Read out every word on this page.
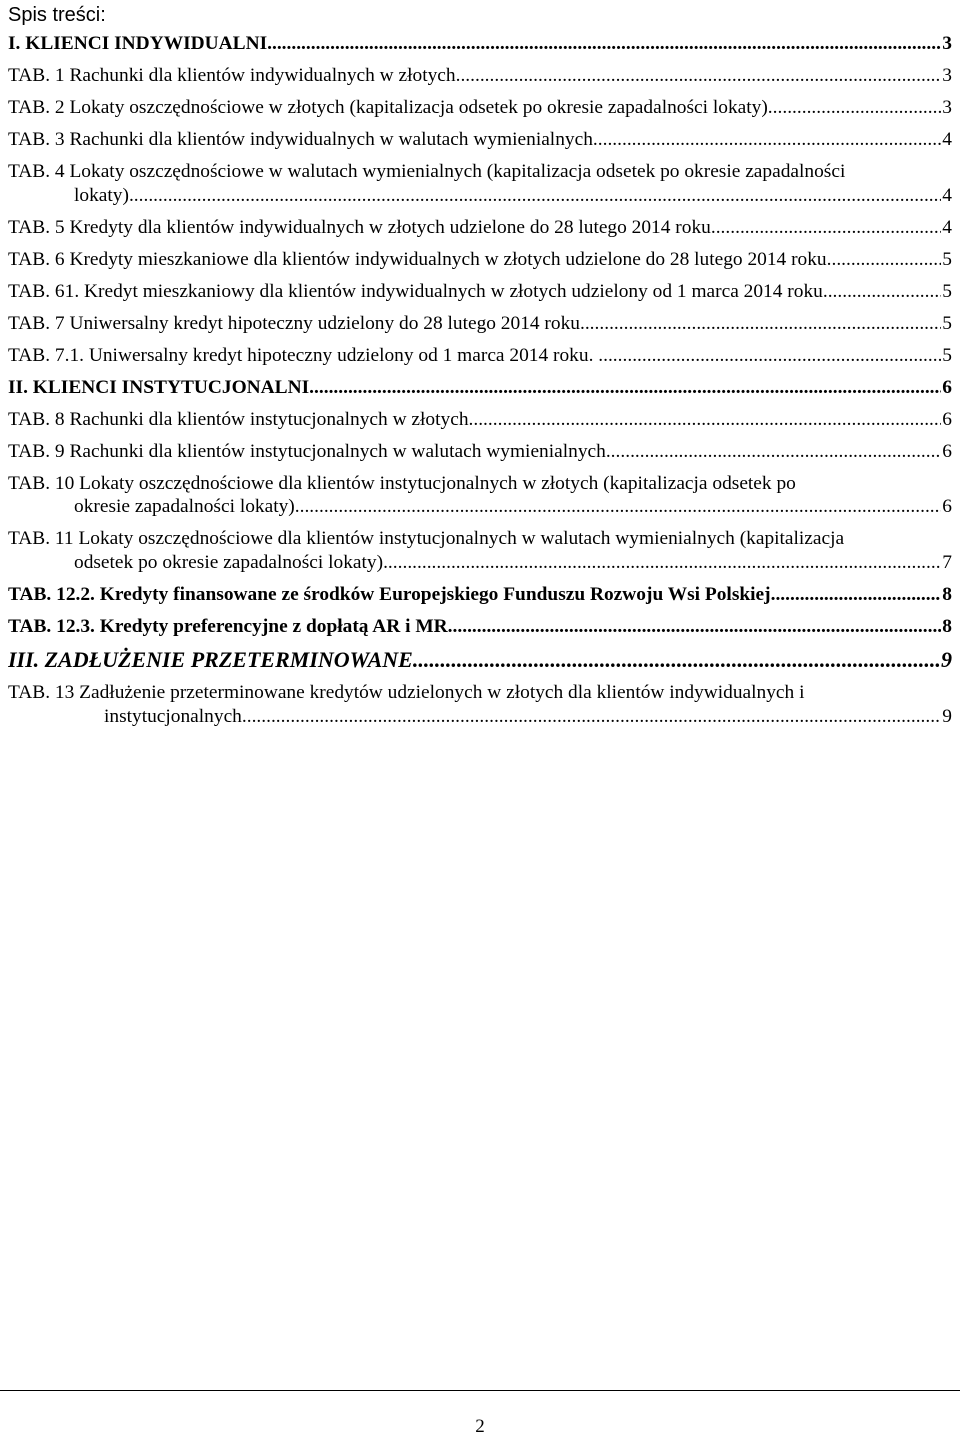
Spis treści:
I. KLIENCI INDYWIDUALNI .....	3
TAB. 1 Rachunki dla klientów indywidualnych w złotych. .....	3
TAB. 2 Lokaty oszczędnościowe w złotych (kapitalizacja odsetek po okresie zapadalności lokaty) .....	3
TAB. 3 Rachunki dla klientów indywidualnych w walutach wymienialnych. .....	4
TAB. 4 Lokaty oszczędnościowe w walutach wymienialnych (kapitalizacja odsetek po okresie zapadalności
lokaty) .....	4
TAB. 5 Kredyty dla klientów indywidualnych w złotych udzielone do 28 lutego 2014 roku. .....	4
TAB. 6 Kredyty mieszkaniowe dla klientów indywidualnych w złotych udzielone do 28 lutego 2014 roku. .....	5
TAB. 61. Kredyt mieszkaniowy dla klientów indywidualnych w złotych udzielony od 1 marca 2014 roku. .....	5
TAB. 7 Uniwersalny kredyt hipoteczny udzielony do 28 lutego 2014 roku. .....	5
TAB. 7.1. Uniwersalny kredyt hipoteczny udzielony od 1 marca 2014 roku. . .....	5
II. KLIENCI INSTYTUCJONALNI .....	6
TAB. 8 Rachunki dla klientów instytucjonalnych w złotych. .....	6
TAB. 9 Rachunki dla klientów instytucjonalnych w walutach wymienialnych. .....	6
TAB. 10 Lokaty oszczędnościowe dla klientów instytucjonalnych w złotych (kapitalizacja odsetek po
okresie zapadalności lokaty) .....	6
TAB. 11 Lokaty oszczędnościowe dla klientów instytucjonalnych w walutach wymienialnych (kapitalizacja
odsetek po okresie zapadalności lokaty) .....	7
TAB. 12.2. Kredyty finansowane ze środków Europejskiego Funduszu Rozwoju Wsi Polskiej .....	8
TAB. 12.3. Kredyty preferencyjne z dopłatą AR i MR .....	8
III. ZADŁUŻENIE PRZETERMINOWANE .....	9
TAB. 13 Zadłużenie przeterminowane kredytów udzielonych w złotych dla klientów indywidualnych i
instytucjonalnych. .....	9
2
